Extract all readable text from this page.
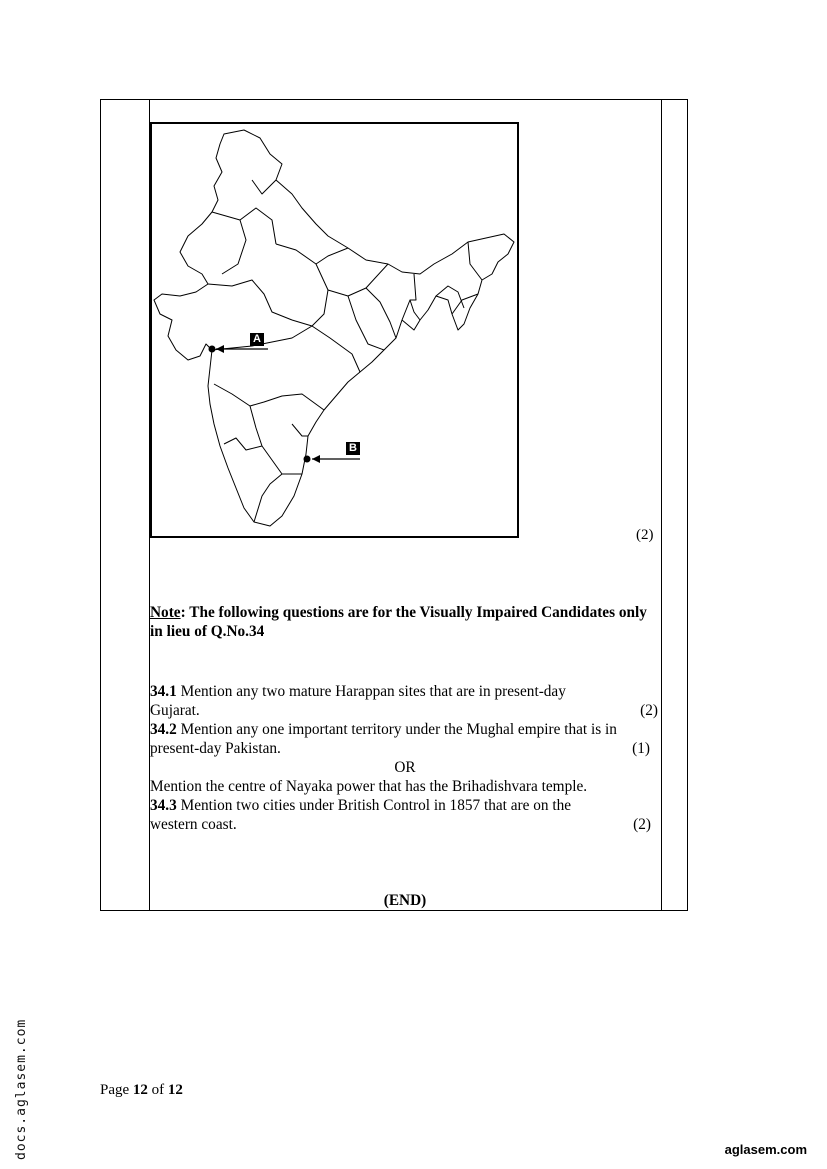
A
B
(2)
Note: The following questions are for the Visually Impaired Candidates only in lieu of Q.No.34
34.1 Mention any two mature Harappan sites that are in present-day
Gujarat.	(2)
34.2 Mention any one important territory under the Mughal empire that is in
present-day Pakistan.	(1)
OR
Mention the centre of Nayaka power that has the Brihadishvara temple.
34.3 Mention two cities under British Control in 1857 that are on the
western coast.	(2)
(END)
Page 12 of 12
docs.aglasem.com	aglasem.com
